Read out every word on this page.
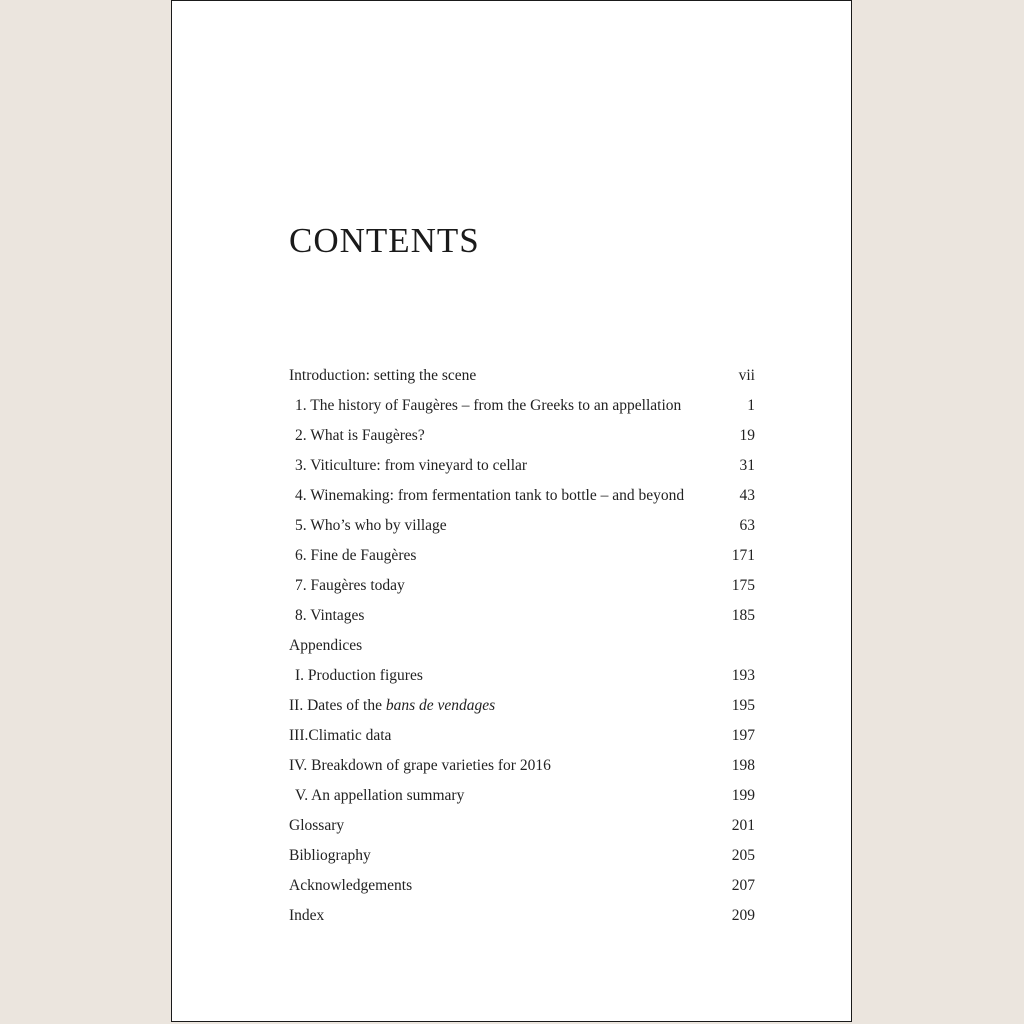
CONTENTS
Introduction: setting the scene	vii
1. The history of Faugères – from the Greeks to an appellation	1
2. What is Faugères?	19
3. Viticulture: from vineyard to cellar	31
4. Winemaking: from fermentation tank to bottle – and beyond	43
5. Who’s who by village	63
6. Fine de Faugères	171
7. Faugères today	175
8. Vintages	185
Appendices
I. Production figures	193
II. Dates of the bans de vendages	195
III.Climatic data	197
IV. Breakdown of grape varieties for 2016	198
V. An appellation summary	199
Glossary	201
Bibliography	205
Acknowledgements	207
Index	209
